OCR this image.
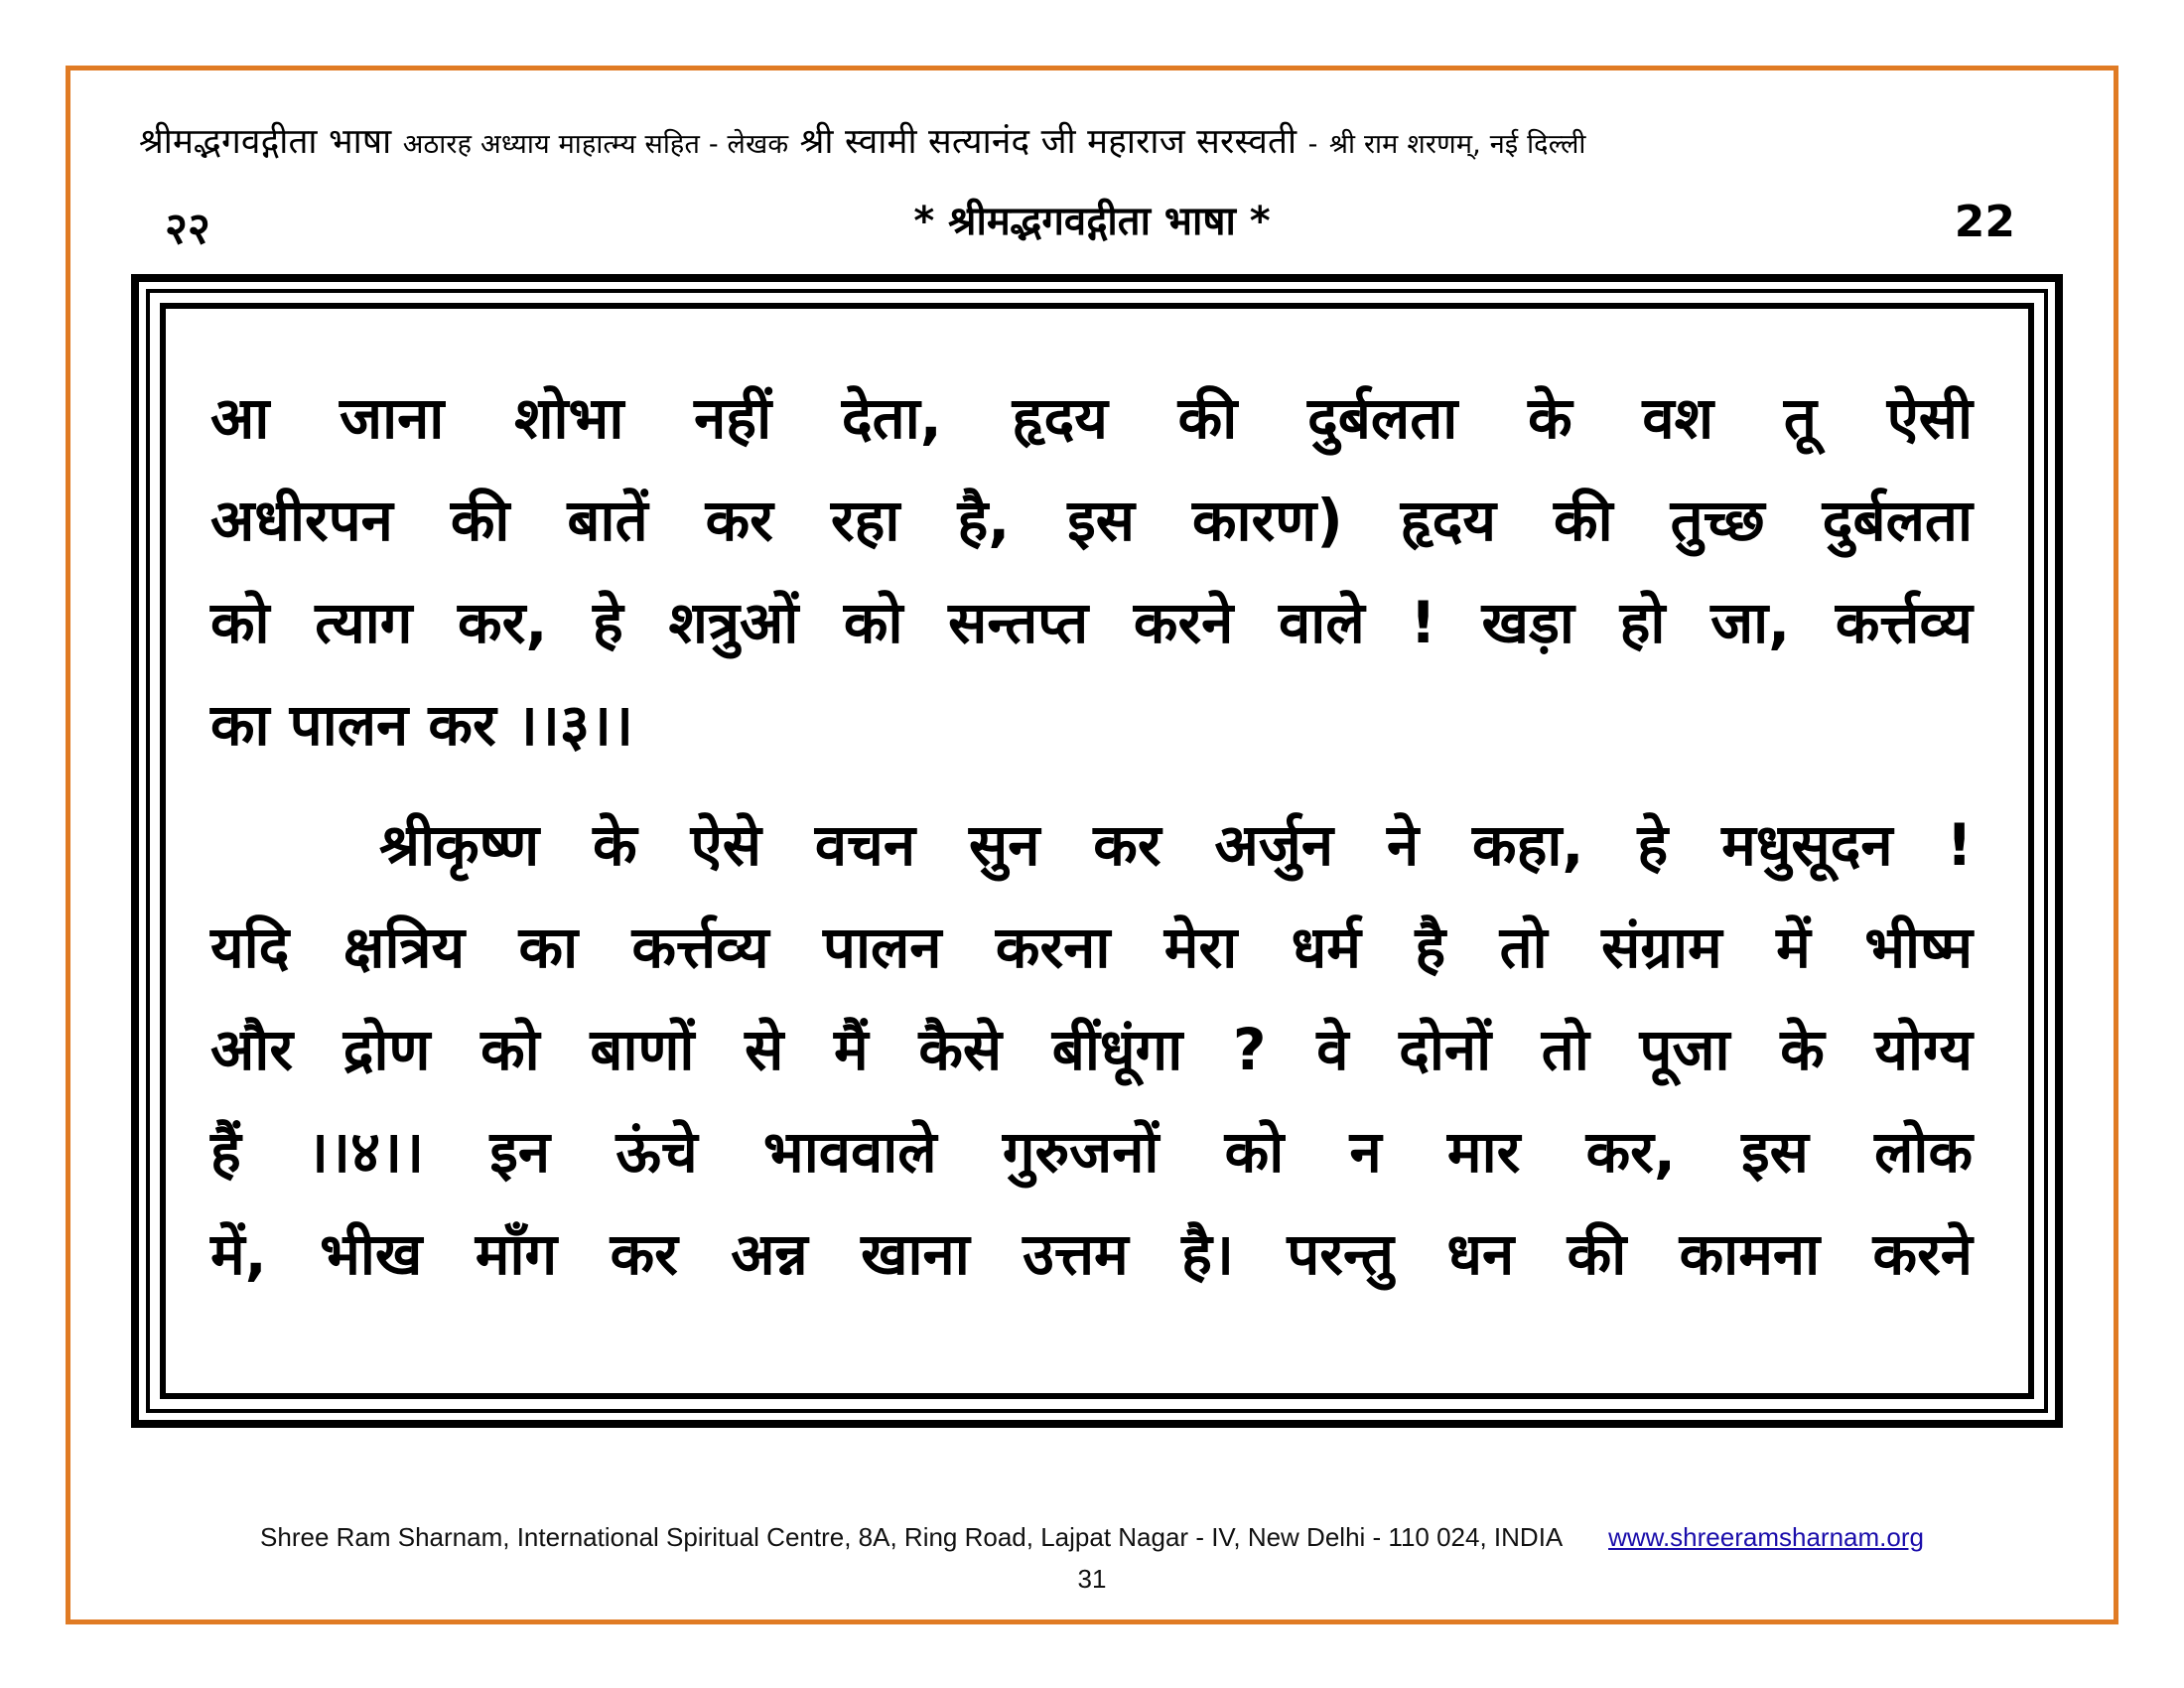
श्रीमद्भगवद्गीता भाषा अठारह अध्याय माहात्म्य सहित - लेखक श्री स्वामी सत्यानंद जी महाराज सरस्वती - श्री राम शरणम्, नई दिल्ली
२२	* श्रीमद्भगवद्गीता भाषा *	22
आ जाना शोभा नहीं देता, हृदय की दुर्बलता के वश तू ऐसी
अधीरपन की बातें कर रहा है, इस कारण) हृदय की तुच्छ दुर्बलता
को त्याग कर, हे शत्रुओं को सन्तप्त करने वाले ! खड़ा हो जा, कर्त्तव्य
का पालन कर ।।३।।
श्रीकृष्ण के ऐसे वचन सुन कर अर्जुन ने कहा, हे मधुसूदन !
यदि क्षत्रिय का कर्त्तव्य पालन करना मेरा धर्म है तो संग्राम में भीष्म
और द्रोण को बाणों से मैं कैसे बींधूंगा ? वे दोनों तो पूजा के योग्य
हैं ।।४।। इन ऊंचे भाववाले गुरुजनों को न मार कर, इस लोक
में, भीख माँग कर अन्न खाना उत्तम है। परन्तु धन की कामना करने
Shree Ram Sharnam, International Spiritual Centre, 8A, Ring Road, Lajpat Nagar - IV, New Delhi - 110 024, INDIA www.shreeramsharnam.org
31
